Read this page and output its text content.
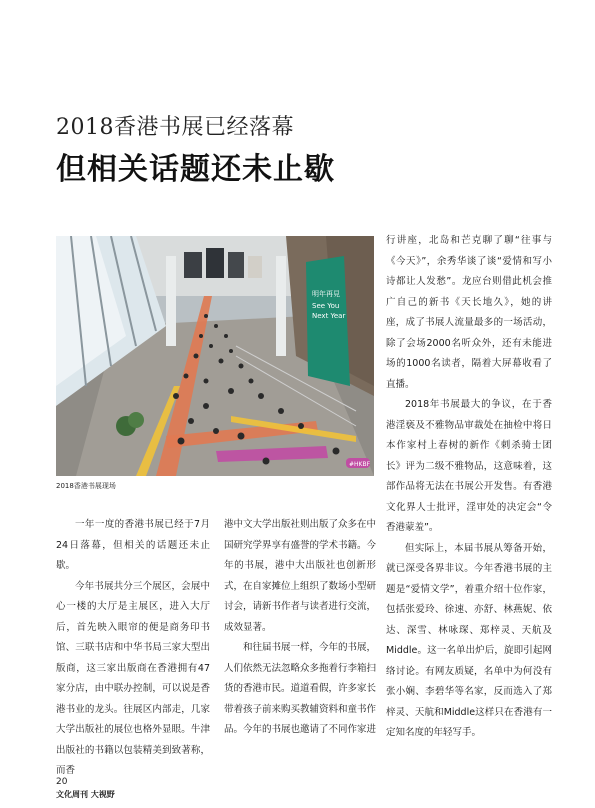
2018香港书展已经落幕
但相关话题还未止歇
明年再見
See You
Next Year
#HKBF
2018香港书展现场

行讲座，北岛和芒克聊了聊“往事与《今天》”，余秀华谈了谈“爱情和写小诗都让人发愁”。龙应台则借此机会推广自己的新书《天长地久》，她的讲座，成了书展人流量最多的一场活动，除了会场2000名听众外，还有未能进场的1000名读者，隔着大屏幕收看了直播。

2018年书展最大的争议，在于香港淫亵及不雅物品审裁处在抽检中将日本作家村上春树的新作《刺杀骑士团长》评为二级不雅物品，这意味着，这部作品将无法在书展公开发售。有香港文化界人士批评，淫审处的决定会“令香港蒙羞”。

但实际上，本届书展从筹备开始，就已深受各界非议。今年香港书展的主题是“爱情文学”，着重介绍十位作家，包括张爱玲、徐速、亦舒、林燕妮、依达、深雪、林咏琛、郑梓灵、天航及Middle。这一名单出炉后，旋即引起网络讨论。有网友质疑，名单中为何没有张小娴、李碧华等名家，反而选入了郑梓灵、天航和Middle这样只在香港有一定知名度的年轻写手。

一年一度的香港书展已经于7月24日落幕，但相关的话题还未止歇。

今年书展共分三个展区，会展中心一楼的大厅是主展区，进入大厅后，首先映入眼帘的便是商务印书馆、三联书店和中华书局三家大型出版商，这三家出版商在香港拥有47家分店，由中联办控制，可以说是香港书业的龙头。往展区内部走，几家大学出版社的展位也格外显眼。牛津出版社的书籍以包装精美到致著称，而香

港中文大学出版社则出版了众多在中国研究学界享有盛誉的学术书籍。今年的书展，港中大出版社也创新形式，在自家摊位上组织了数场小型研讨会，请新书作者与读者进行交流，成效显著。

和往届书展一样，今年的书展，人们依然无法忽略众多拖着行李箱扫货的香港市民。道道看假，许多家长带着孩子前来购买教辅资料和童书作品。今年的书展也邀请了不同作家进

20
文化周刊 大视野
